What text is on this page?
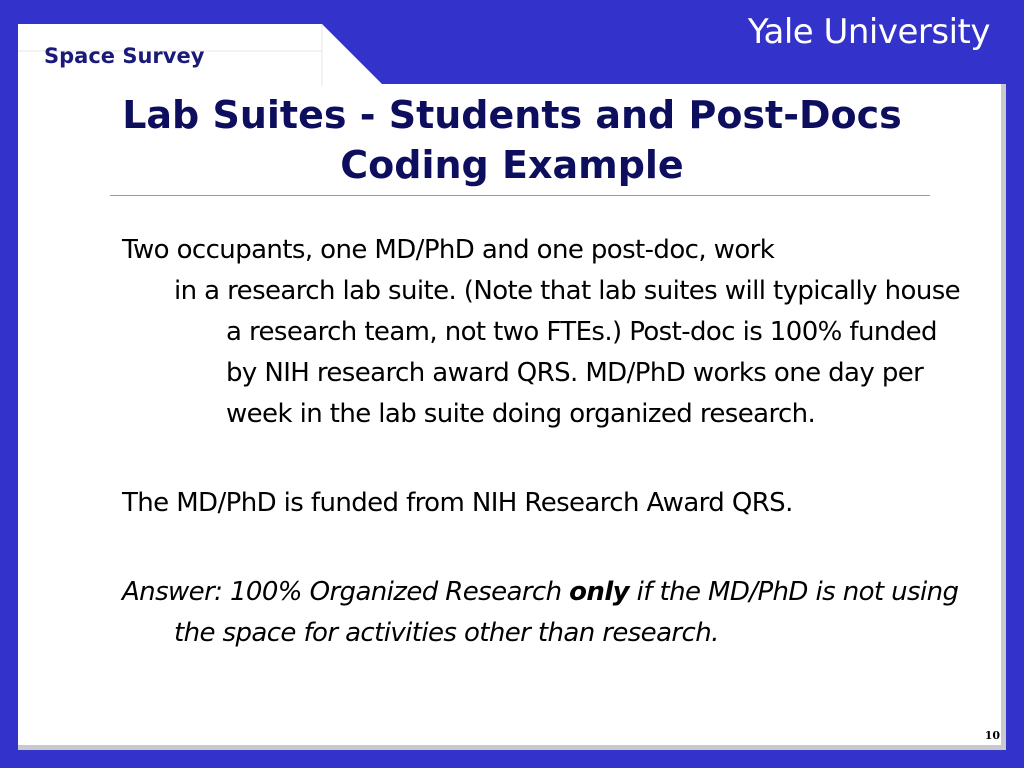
Space Survey
Yale University
Lab Suites - Students and Post-Docs
Coding Example
Two occupants, one MD/PhD and one post-doc, work
in a research lab suite. (Note that lab suites will typically house a research team, not two FTEs.) Post-doc is 100% funded by NIH research award QRS. MD/PhD works one day per week in the lab suite doing organized research.

The MD/PhD is funded from NIH Research Award QRS.

Answer: 100% Organized Research only if the MD/PhD is not using the space for activities other than research.

10
